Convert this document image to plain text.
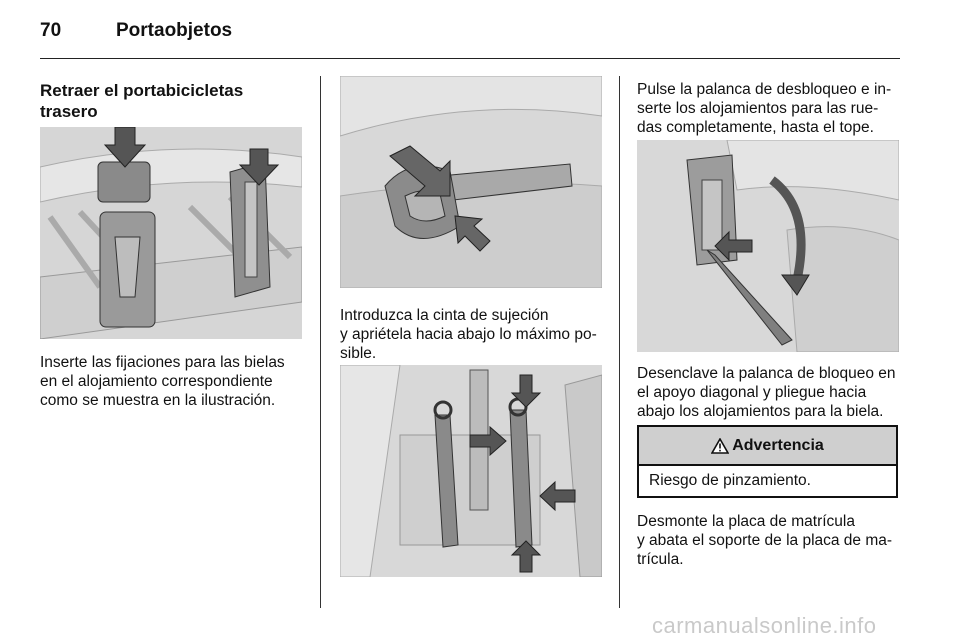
70	Portaobjetos
Retraer el portabicicletas trasero
Inserte las fijaciones para las bielas
en el alojamiento correspondiente
como se muestra en la ilustración.
Introduzca la cinta de sujeción
y apriétela hacia abajo lo máximo po-
sible.
Pulse la palanca de desbloqueo e in-
serte los alojamientos para las rue-
das completamente, hasta el tope.
Desenclave la palanca de bloqueo en
el apoyo diagonal y pliegue hacia
abajo los alojamientos para la biela.
Advertencia
Riesgo de pinzamiento.
Desmonte la placa de matrícula
y abata el soporte de la placa de ma-
trícula.
carmanualsonline.info
